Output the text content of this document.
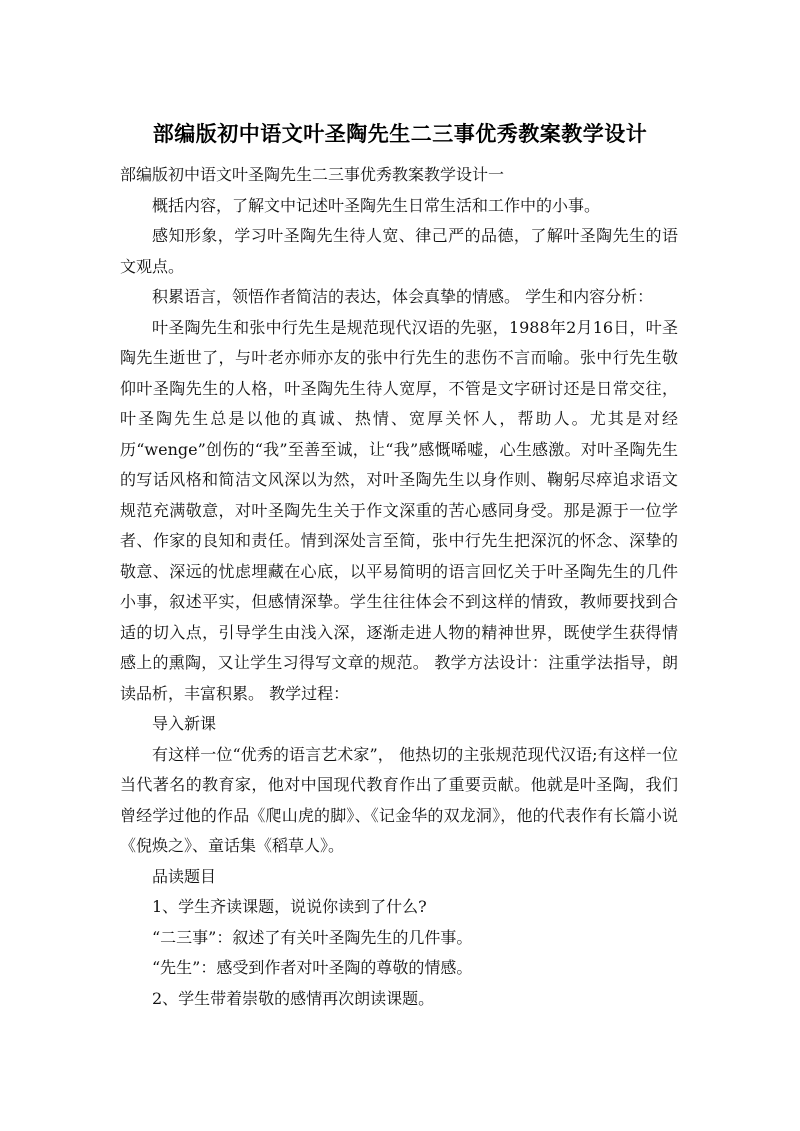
部编版初中语文叶圣陶先生二三事优秀教案教学设计

部编版初中语文叶圣陶先生二三事优秀教案教学设计一

概括内容，了解文中记述叶圣陶先生日常生活和工作中的小事。

感知形象，学习叶圣陶先生待人宽、律己严的品德，了解叶圣陶先生的语文观点。

积累语言，领悟作者简洁的表达，体会真挚的情感。 学生和内容分析：

叶圣陶先生和张中行先生是规范现代汉语的先驱，1988年2月16日，叶圣陶先生逝世了，与叶老亦师亦友的张中行先生的悲伤不言而喻。张中行先生敬仰叶圣陶先生的人格，叶圣陶先生待人宽厚，不管是文字研讨还是日常交往，叶圣陶先生总是以他的真诚、热情、宽厚关怀人，帮助人。尤其是对经历“wenge”创伤的“我”至善至诚，让“我”感慨唏嘘，心生感激。对叶圣陶先生的写话风格和简洁文风深以为然，对叶圣陶先生以身作则、鞠躬尽瘁追求语文规范充满敬意，对叶圣陶先生关于作文深重的苦心感同身受。那是源于一位学者、作家的良知和责任。情到深处言至简，张中行先生把深沉的怀念、深挚的敬意、深远的忧虑埋藏在心底，以平易简明的语言回忆关于叶圣陶先生的几件小事，叙述平实，但感情深挚。学生往往体会不到这样的情致，教师要找到合适的切入点，引导学生由浅入深，逐渐走进人物的精神世界，既使学生获得情感上的熏陶，又让学生习得写文章的规范。 教学方法设计：注重学法指导，朗读品析，丰富积累。 教学过程：

导入新课

有这样一位“优秀的语言艺术家”， 他热切的主张规范现代汉语;有这样一位当代著名的教育家，他对中国现代教育作出了重要贡献。他就是叶圣陶，我们曾经学过他的作品《爬山虎的脚》、《记金华的双龙洞》，他的代表作有长篇小说《倪焕之》、童话集《稻草人》。

品读题目

1、学生齐读课题，说说你读到了什么?

“二三事”：叙述了有关叶圣陶先生的几件事。

“先生”：感受到作者对叶圣陶的尊敬的情感。

2、学生带着崇敬的感情再次朗读课题。
